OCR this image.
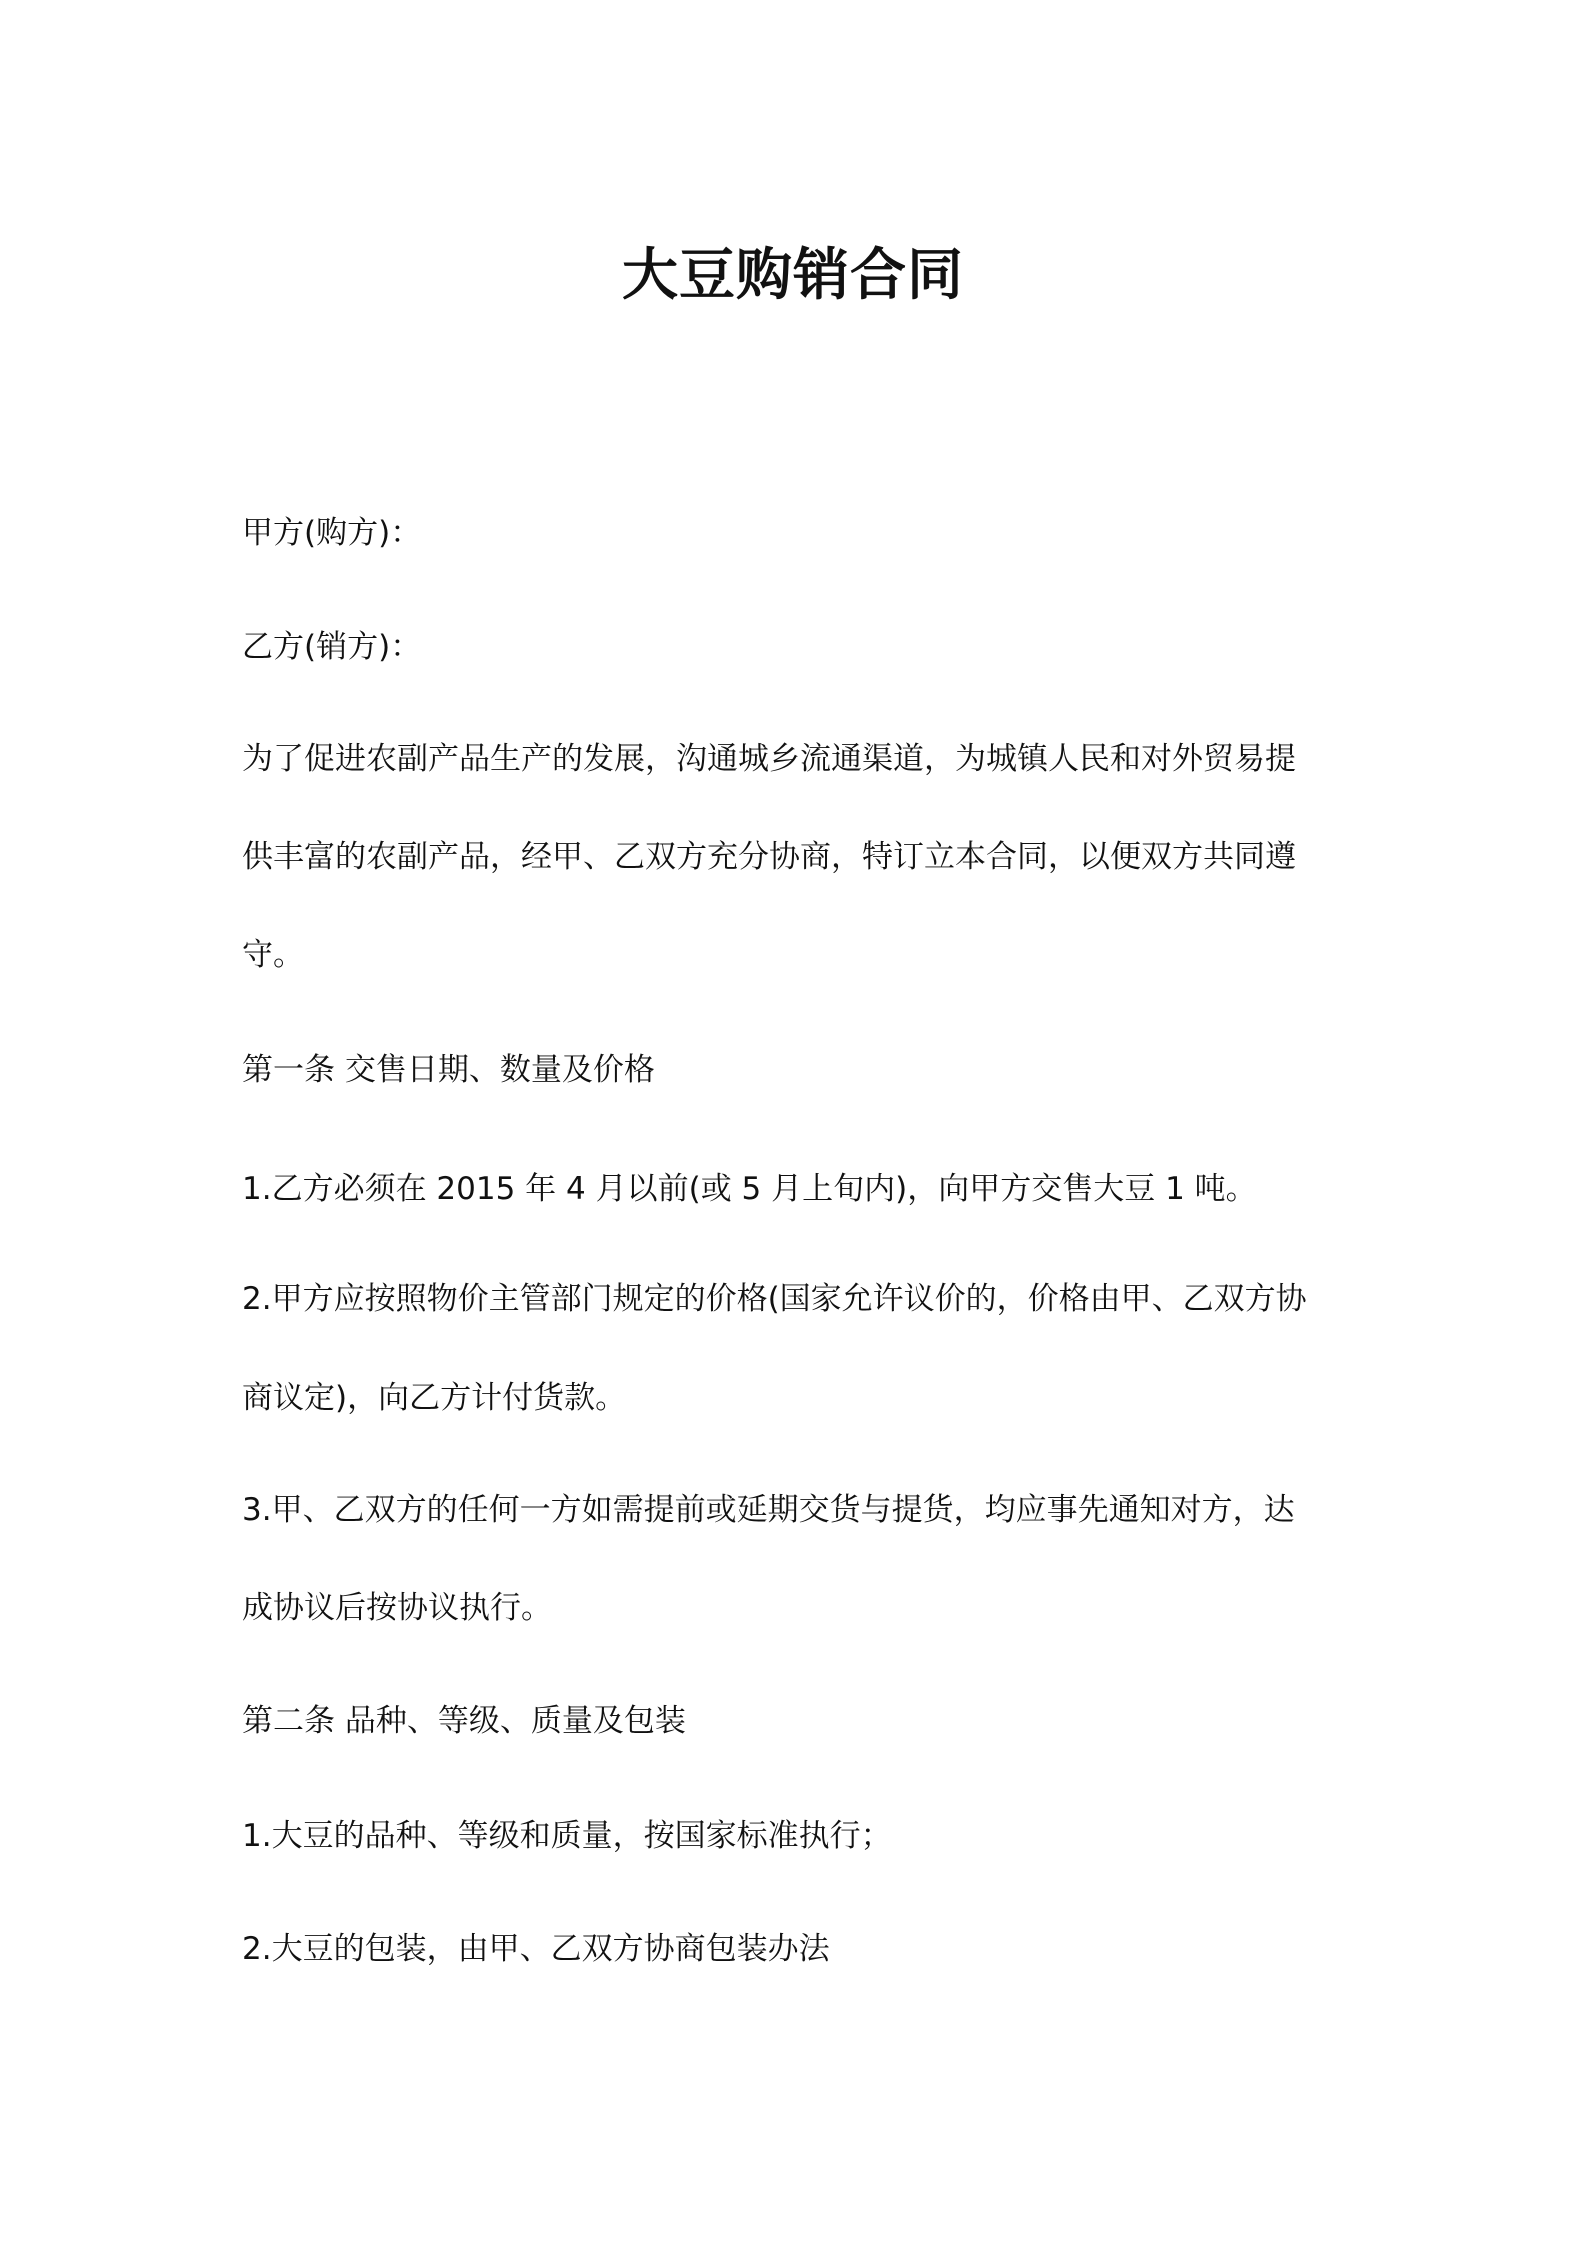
大豆购销合同
甲方(购方)：
乙方(销方)：
为了促进农副产品生产的发展，沟通城乡流通渠道，为城镇人民和对外贸易提
供丰富的农副产品，经甲、乙双方充分协商，特订立本合同，以便双方共同遵
守。
第一条 交售日期、数量及价格
1.乙方必须在 2015 年 4 月以前(或 5 月上旬内)，向甲方交售大豆 1 吨。
2.甲方应按照物价主管部门规定的价格(国家允许议价的，价格由甲、乙双方协
商议定)，向乙方计付货款。
3.甲、乙双方的任何一方如需提前或延期交货与提货，均应事先通知对方，达
成协议后按协议执行。
第二条 品种、等级、质量及包装
1.大豆的品种、等级和质量，按国家标准执行；
2.大豆的包装，由甲、乙双方协商包装办法
